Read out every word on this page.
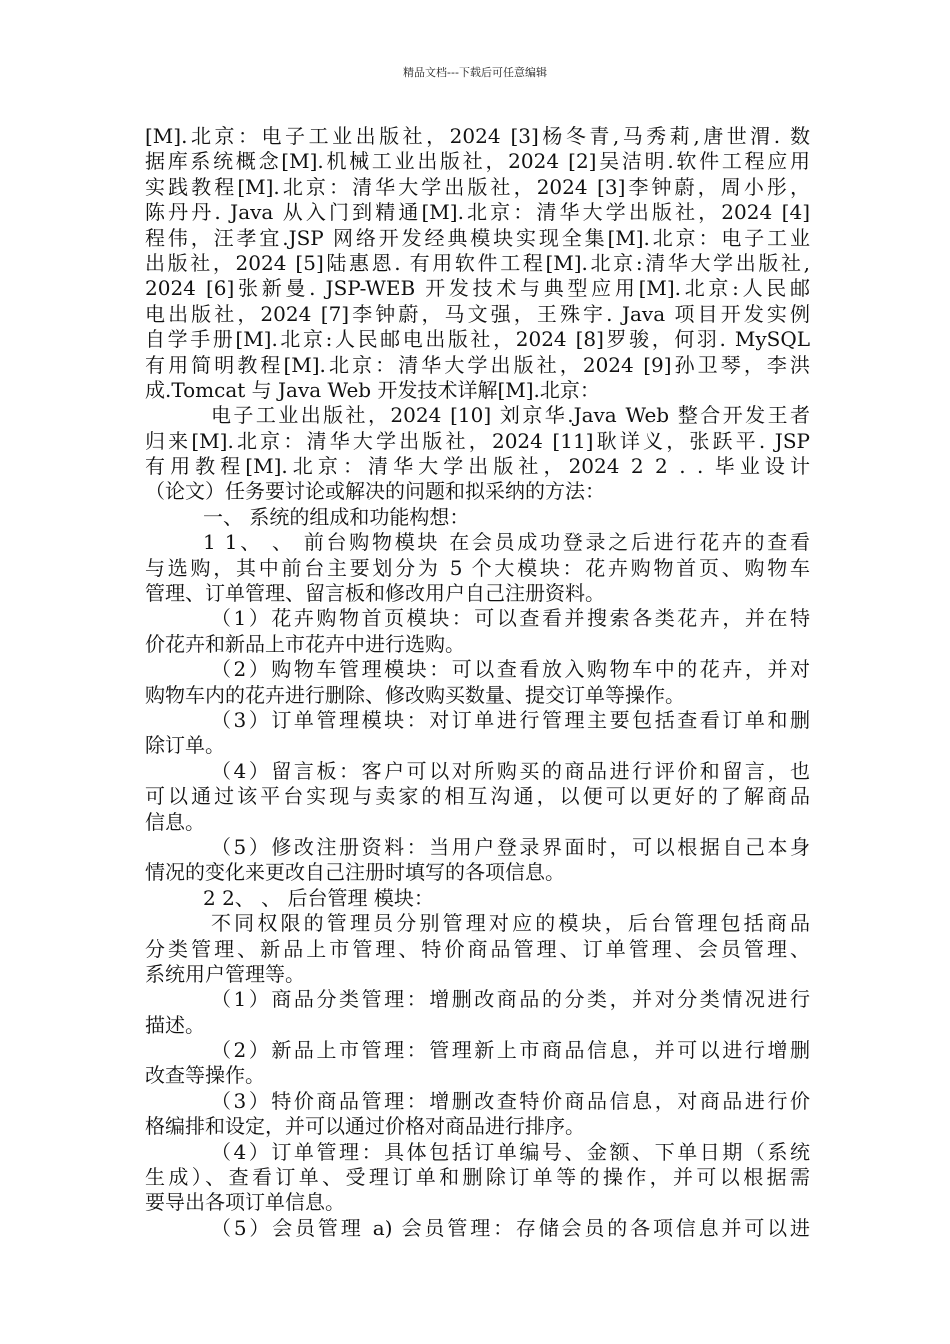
精品文档---下载后可任意编辑
[M].北京：电子工业出版社，2024 [3]杨冬青,马秀莉,唐世渭. 数
据库系统概念[M].机械工业出版社，2024 [2]吴洁明.软件工程应用
实践教程[M].北京：清华大学出版社，2024 [3]李钟蔚，周小彤，
陈丹丹. Java 从入门到精通[M].北京：清华大学出版社，2024 [4]
程伟，汪孝宜.JSP 网络开发经典模块实现全集[M].北京：电子工业
出版社，2024 [5]陆惠恩. 有用软件工程[M].北京:清华大学出版社,
2024 [6]张新曼. JSP-WEB 开发技术与典型应用[M].北京:人民邮
电出版社，2024 [7]李钟蔚，马文强，王殊宇. Java 项目开发实例
自学手册[M].北京:人民邮电出版社，2024 [8]罗骏，何羽. MySQL
有用简明教程[M].北京：清华大学出版社，2024 [9]孙卫琴，李洪
成.Tomcat 与 Java Web 开发技术详解[M].北京：
电子工业出版社，2024 [10] 刘京华.Java Web 整合开发王者
归来[M].北京：清华大学出版社，2024 [11]耿详义，张跃平. JSP
有用教程[M].北京：清华大学出版社，2024 2 2 . . 毕业设计
（论文）任务要讨论或解决的问题和拟采纳的方法：
一、 系统的组成和功能构想：
1 1、 、 前台购物模块 在会员成功登录之后进行花卉的查看
与选购，其中前台主要划分为 5 个大模块：花卉购物首页、购物车
管理、订单管理、留言板和修改用户自己注册资料。
（1）花卉购物首页模块：可以查看并搜索各类花卉，并在特
价花卉和新品上市花卉中进行选购。
（2）购物车管理模块：可以查看放入购物车中的花卉，并对
购物车内的花卉进行删除、修改购买数量、提交订单等操作。
（3）订单管理模块：对订单进行管理主要包括查看订单和删
除订单。
（4）留言板：客户可以对所购买的商品进行评价和留言，也
可以通过该平台实现与卖家的相互沟通，以便可以更好的了解商品
信息。
（5）修改注册资料：当用户登录界面时，可以根据自己本身
情况的变化来更改自己注册时填写的各项信息。
2 2、 、 后台管理 模块：
不同权限的管理员分别管理对应的模块，后台管理包括商品
分类管理、新品上市管理、特价商品管理、订单管理、会员管理、
系统用户管理等。
（1）商品分类管理：增删改商品的分类，并对分类情况进行
描述。
（2）新品上市管理：管理新上市商品信息，并可以进行增删
改查等操作。
（3）特价商品管理：增删改查特价商品信息，对商品进行价
格编排和设定，并可以通过价格对商品进行排序。
（4）订单管理：具体包括订单编号、金额、下单日期（系统
生成）、查看订单、受理订单和删除订单等的操作，并可以根据需
要导出各项订单信息。
（5）会员管理 a) 会员管理：存储会员的各项信息并可以进
